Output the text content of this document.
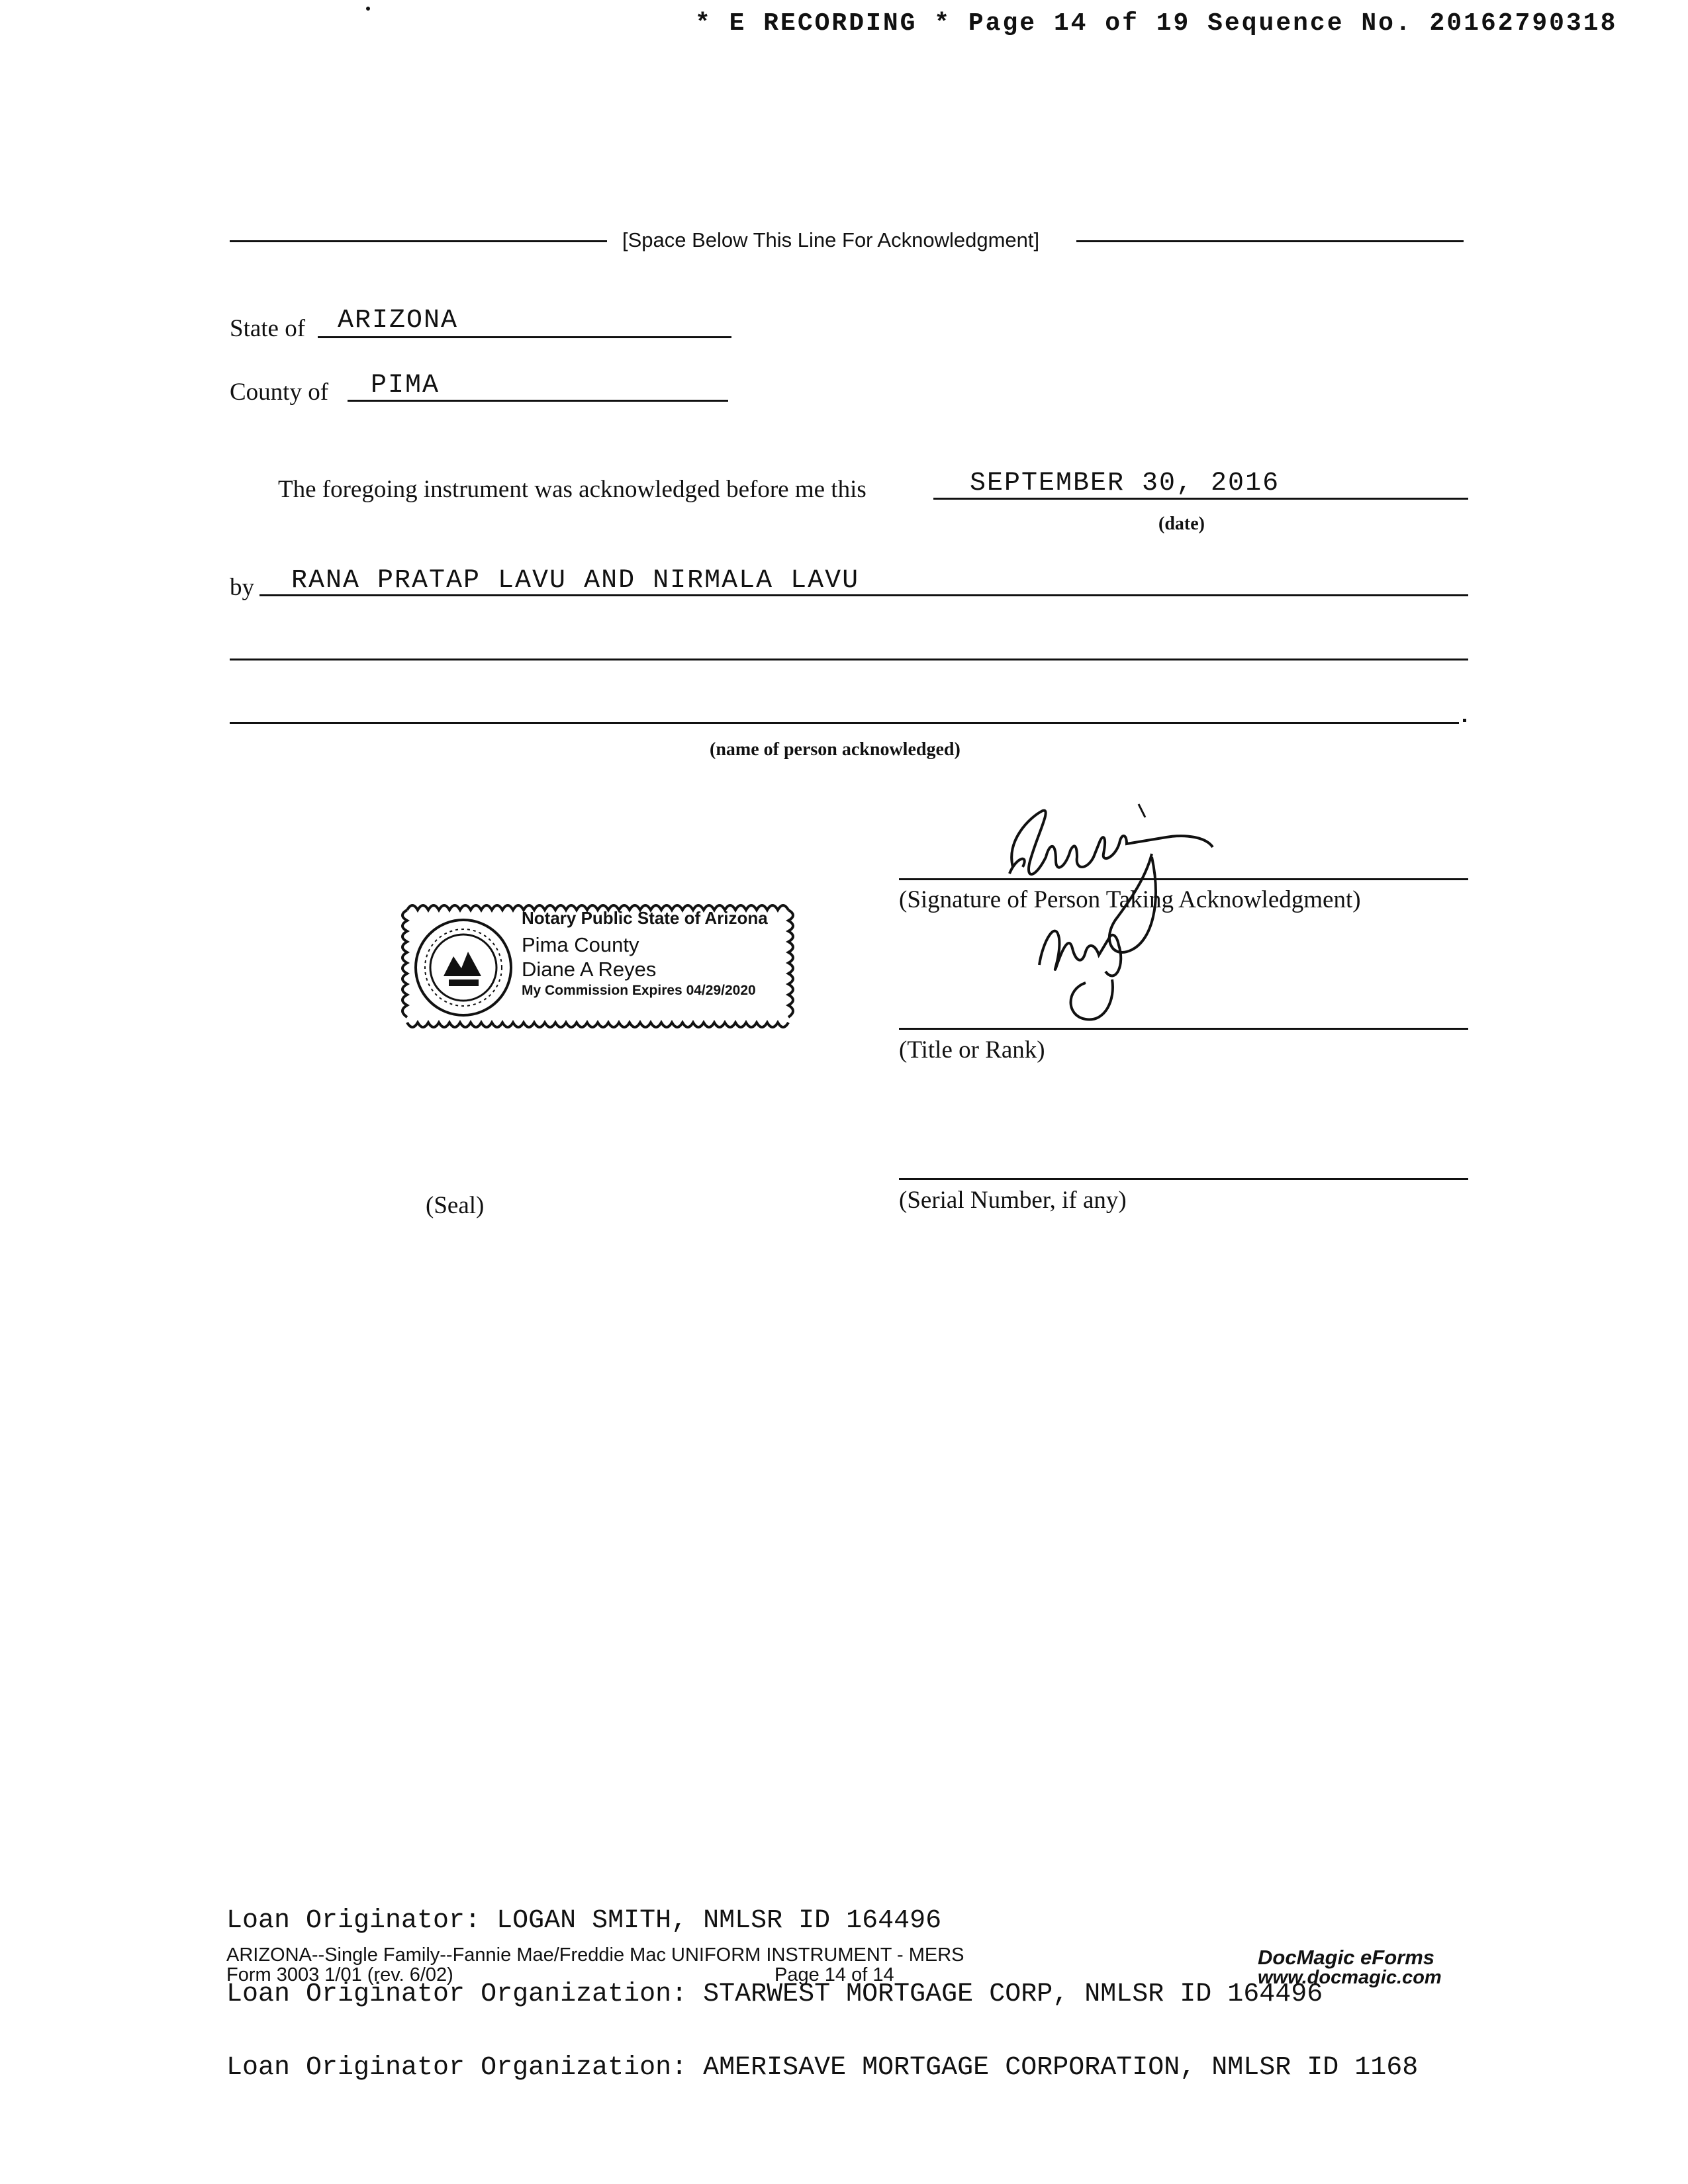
* E RECORDING * Page 14 of 19 Sequence No. 20162790318
[Space Below This Line For Acknowledgment]
State of ARIZONA
County of PIMA
The foregoing instrument was acknowledged before me this	SEPTEMBER 30, 2016
(date)
by RANA PRATAP LAVU AND NIRMALA LAVU
(name of person acknowledged)
Notary Public State of Arizona
Pima County
Diane A Reyes
My Commission Expires 04/29/2020
(Signature of Person Taking Acknowledgment)
(Title or Rank)
(Serial Number, if any)
(Seal)

Loan Originator: LOGAN SMITH, NMLSR ID 164496

Loan Originator Organization: STARWEST MORTGAGE CORP, NMLSR ID 164496

Loan Originator Organization: AMERISAVE MORTGAGE CORPORATION, NMLSR ID 1168

ARIZONA--Single Family--Fannie Mae/Freddie Mac UNIFORM INSTRUMENT - MERS
Form 3003 1/01 (rev. 6/02)	Page 14 of 14
DocMagic eForms
www.docmagic.com
